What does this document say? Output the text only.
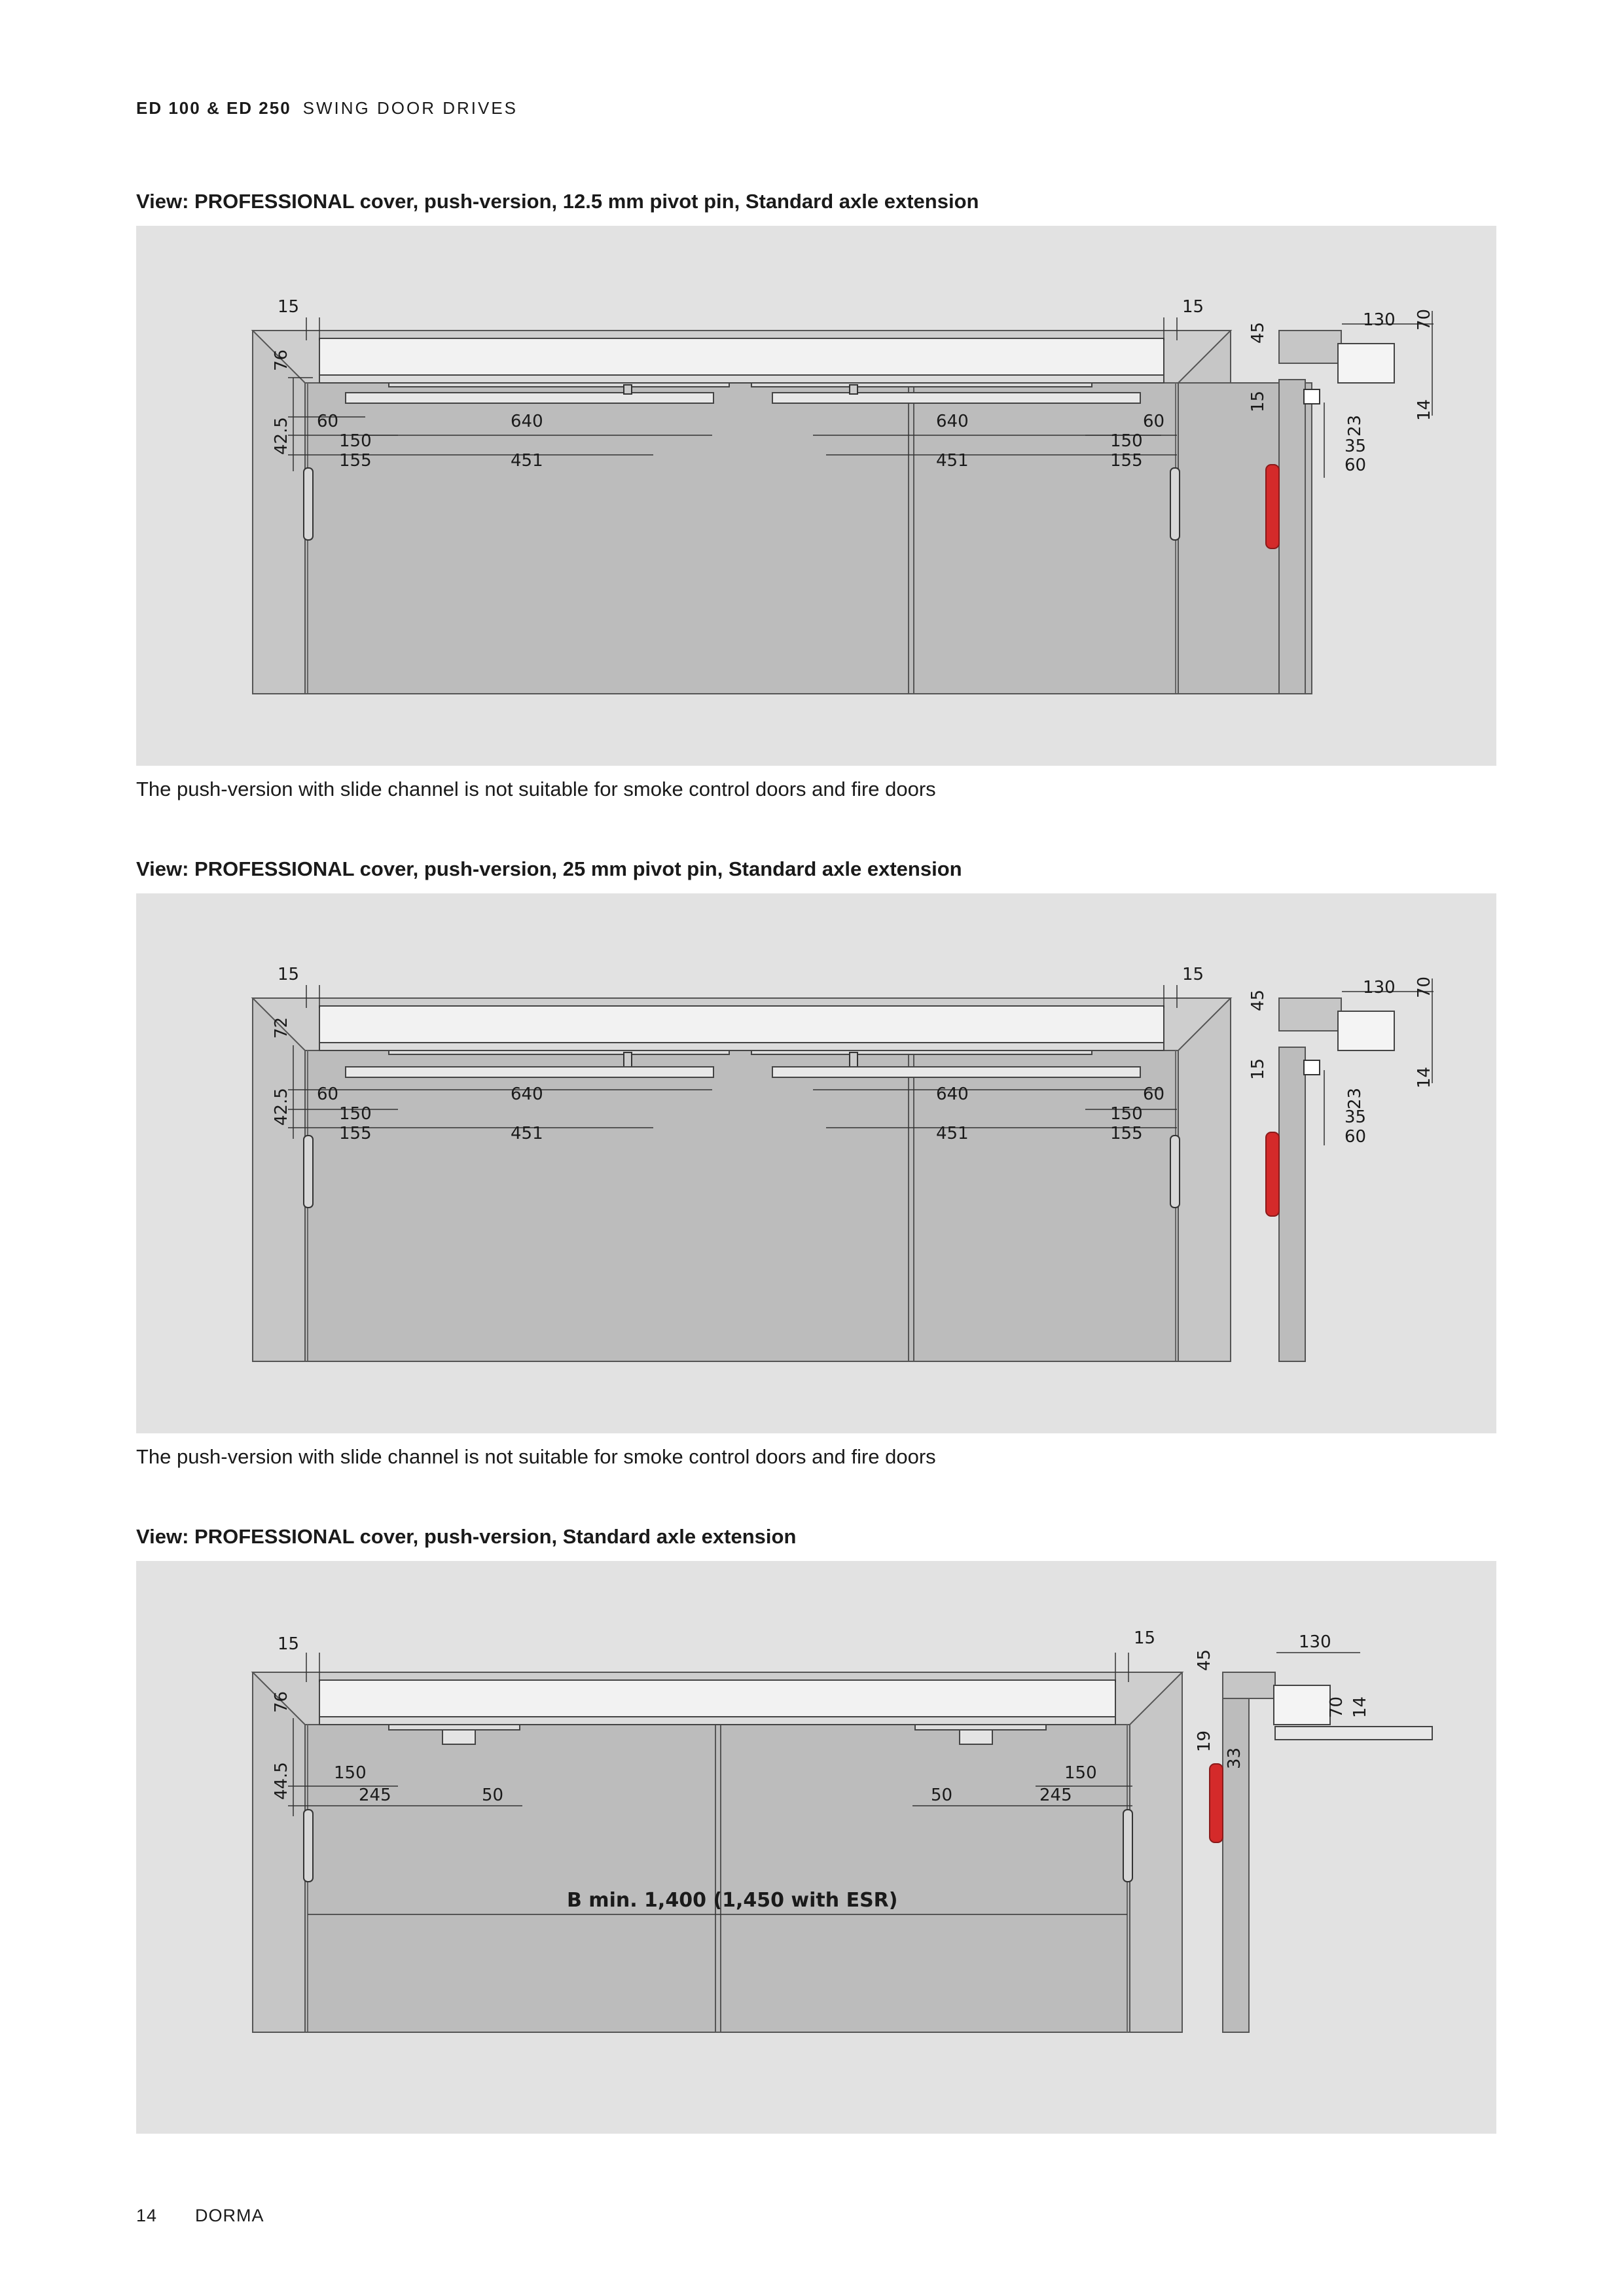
ED 100 & ED 250 SWING DOOR DRIVES
View: PROFESSIONAL cover, push-version, 12.5 mm pivot pin, Standard axle extension
15	15
76
42.5 60	640
150
155	451
640	60
150
451	155
45
130 70
15	14
23
35
60
The push-version with slide channel is not suitable for smoke control doors and fire doors
View: PROFESSIONAL cover, push-version, 25 mm pivot pin, Standard axle extension
15	15
72
42.5 60	640
150
155	451
640	60
150
451	155
45
130 70
15	14
23
35
60
The push-version with slide channel is not suitable for smoke control doors and fire doors
View: PROFESSIONAL cover, push-version, Standard axle extension
15	15
76
44.5	150
245	50	50	245
150
B min. 1,400 (1,450 with ESR)
45
130
70 14
19
33
14 DORMA
